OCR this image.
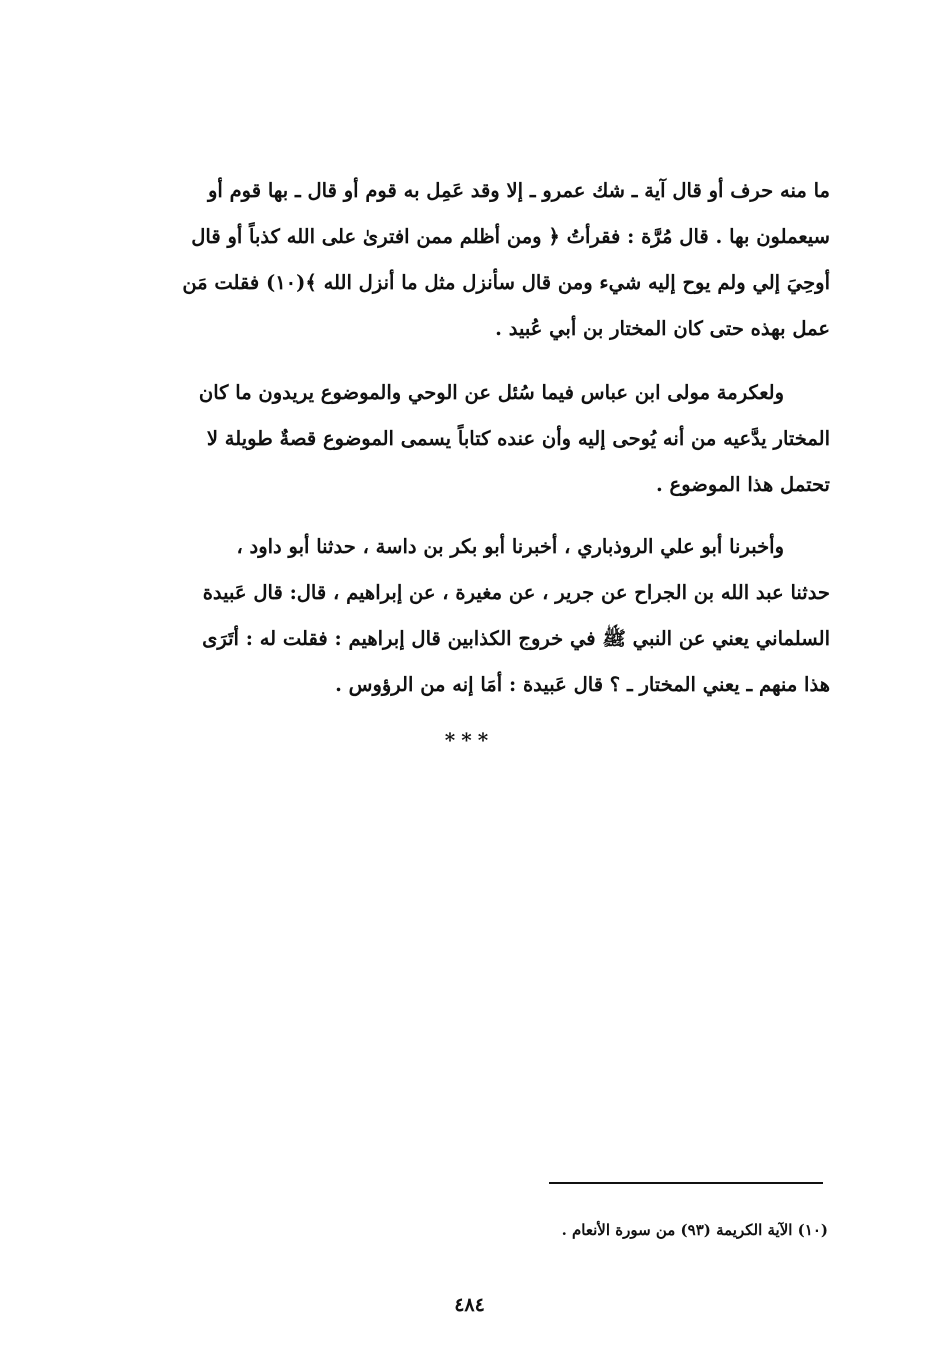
ما منه حرف أو قال آية ـ شك عمرو ـ إلا وقد عَمِل به قوم أو قال ـ بها قوم أو
سيعملون بها . قال مُرَّة : فقرأتُ ﴿ ومن أظلم ممن افترىٰ على الله كذباً أو قال
أوحِيَ إلي ولم يوح إليه شيء ومن قال سأنزل مثل ما أنزل الله ﴾(١٠) فقلت مَن
عمل بهذه حتى كان المختار بن أبي عُبيد .
ولعكرمة مولى ابن عباس فيما سُئل عن الوحي والموضوع يريدون ما كان
المختار يدَّعيه من أنه يُوحى إليه وأن عنده كتاباً يسمى الموضوع قصةٌ طويلة لا
تحتمل هذا الموضوع .
وأخبرنا أبو علي الروذباري ، أخبرنا أبو بكر بن داسة ، حدثنا أبو داود ،
حدثنا عبد الله بن الجراح عن جرير ، عن مغيرة ، عن إبراهيم ، قال: قال عَبيدة
السلماني يعني عن النبي ﷺ في خروج الكذابين قال إبراهيم : فقلت له : أتَرَى
هذا منهم ـ يعني المختار ـ ؟ قال عَبيدة : أمَا إنه من الرؤوس .

***

(١٠) الآية الكريمة (٩٣) من سورة الأنعام .

٤٨٤
